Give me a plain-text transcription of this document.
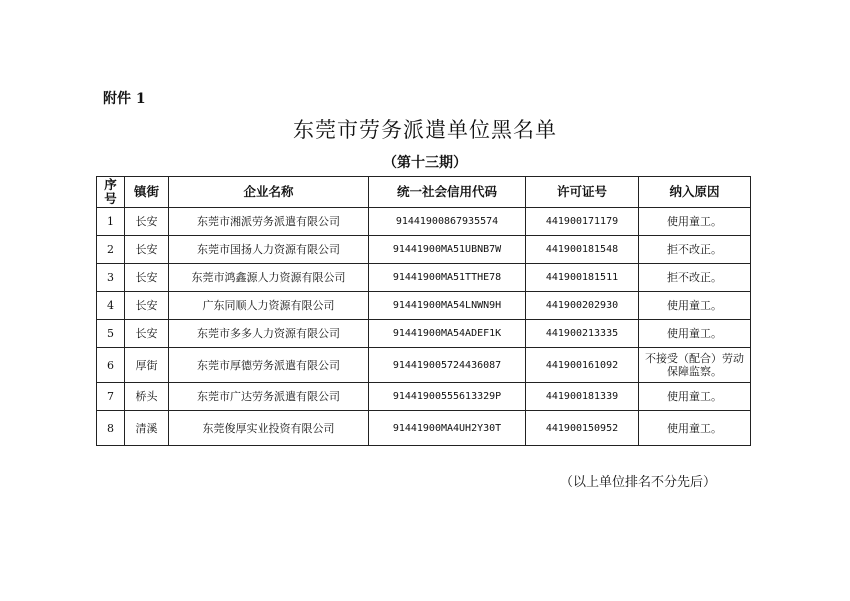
附件 1
东莞市劳务派遣单位黑名单
（第十三期）
序
号	镇街	企业名称	统一社会信用代码	许可证号	纳入原因
1	长安	东莞市湘派劳务派遣有限公司	91441900867935574	441900171179	使用童工。
2	长安	东莞市国扬人力资源有限公司	91441900MA51UBNB7W	441900181548	拒不改正。
3	长安	东莞市鸿鑫源人力资源有限公司	91441900MA51TTHE78	441900181511	拒不改正。
4	长安	广东同顺人力资源有限公司	91441900MA54LNWN9H	441900202930	使用童工。
5	长安	东莞市多多人力资源有限公司	91441900MA54ADEF1K	441900213335	使用童工。
6	厚街	东莞市厚德劳务派遣有限公司	914419005724436087	441900161092	不接受（配合）劳动保障监察。
7	桥头	东莞市广达劳务派遣有限公司	91441900555613329P	441900181339	使用童工。
8	清溪	东莞俊厚实业投资有限公司	91441900MA4UH2Y30T	441900150952	使用童工。
（以上单位排名不分先后）
